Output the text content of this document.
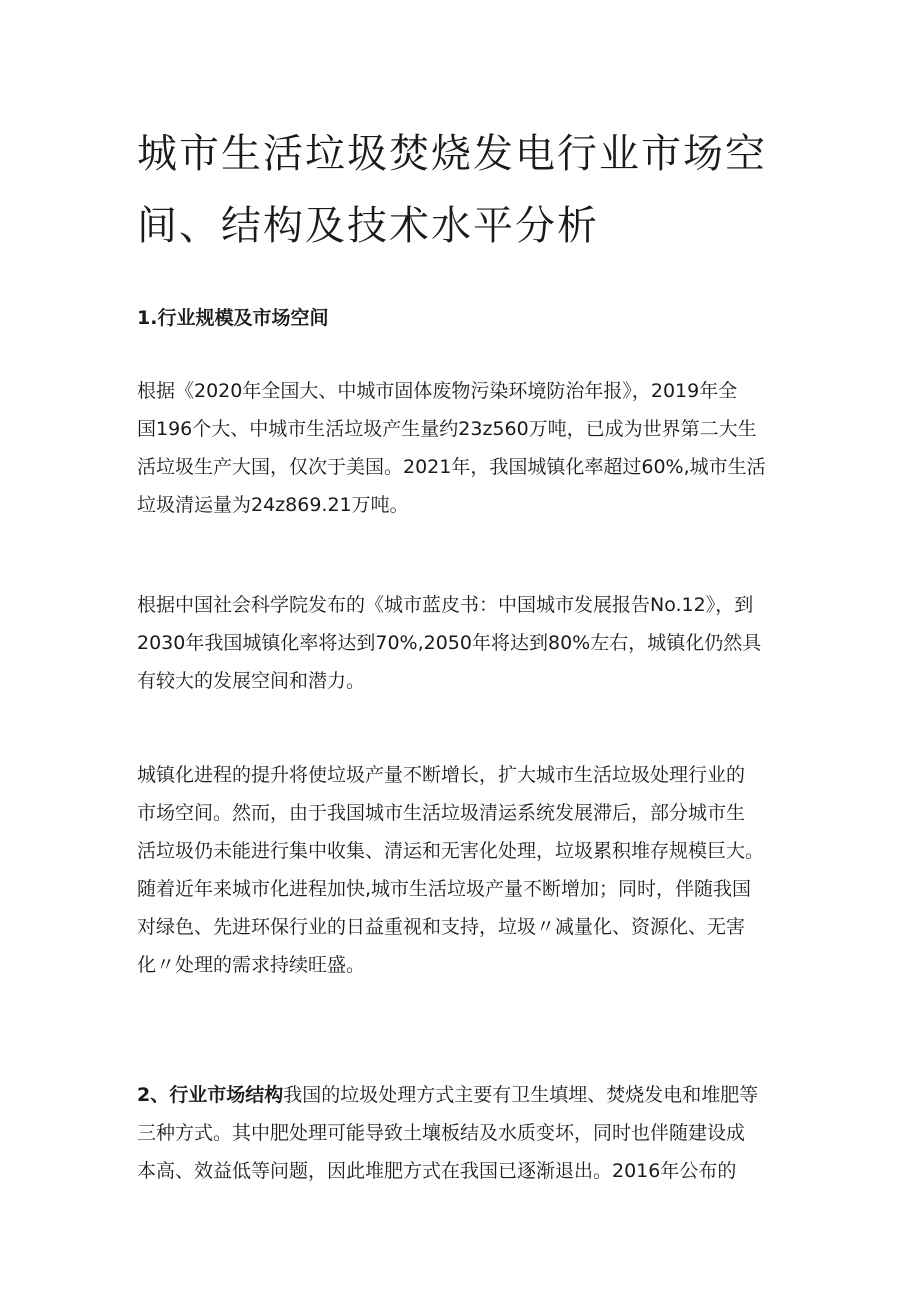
城市生活垃圾焚烧发电行业市场空
间、结构及技术水平分析
1.行业规模及市场空间

根据《2020年全国大、中城市固体废物污染环境防治年报》，2019年全
国196个大、中城市生活垃圾产生量约23z560万吨，已成为世界第二大生
活垃圾生产大国，仅次于美国。2021年，我国城镇化率超过60%,城市生活
垃圾清运量为24z869.21万吨。

根据中国社会科学院发布的《城市蓝皮书：中国城市发展报告No.12》，到
2030年我国城镇化率将达到70%,2050年将达到80%左右，城镇化仍然具
有较大的发展空间和潜力。

城镇化进程的提升将使垃圾产量不断增长，扩大城市生活垃圾处理行业的
市场空间。然而，由于我国城市生活垃圾清运系统发展滞后，部分城市生
活垃圾仍未能进行集中收集、清运和无害化处理，垃圾累积堆存规模巨大。
随着近年来城市化进程加快,城市生活垃圾产量不断增加；同时，伴随我国
对绿色、先进环保行业的日益重视和支持，垃圾〃减量化、资源化、无害
化〃处理的需求持续旺盛。

2、行业市场结构我国的垃圾处理方式主要有卫生填埋、焚烧发电和堆肥等
三种方式。其中肥处理可能导致土壤板结及水质变坏，同时也伴随建设成
本高、效益低等问题，因此堆肥方式在我国已逐渐退出。2016年公布的
